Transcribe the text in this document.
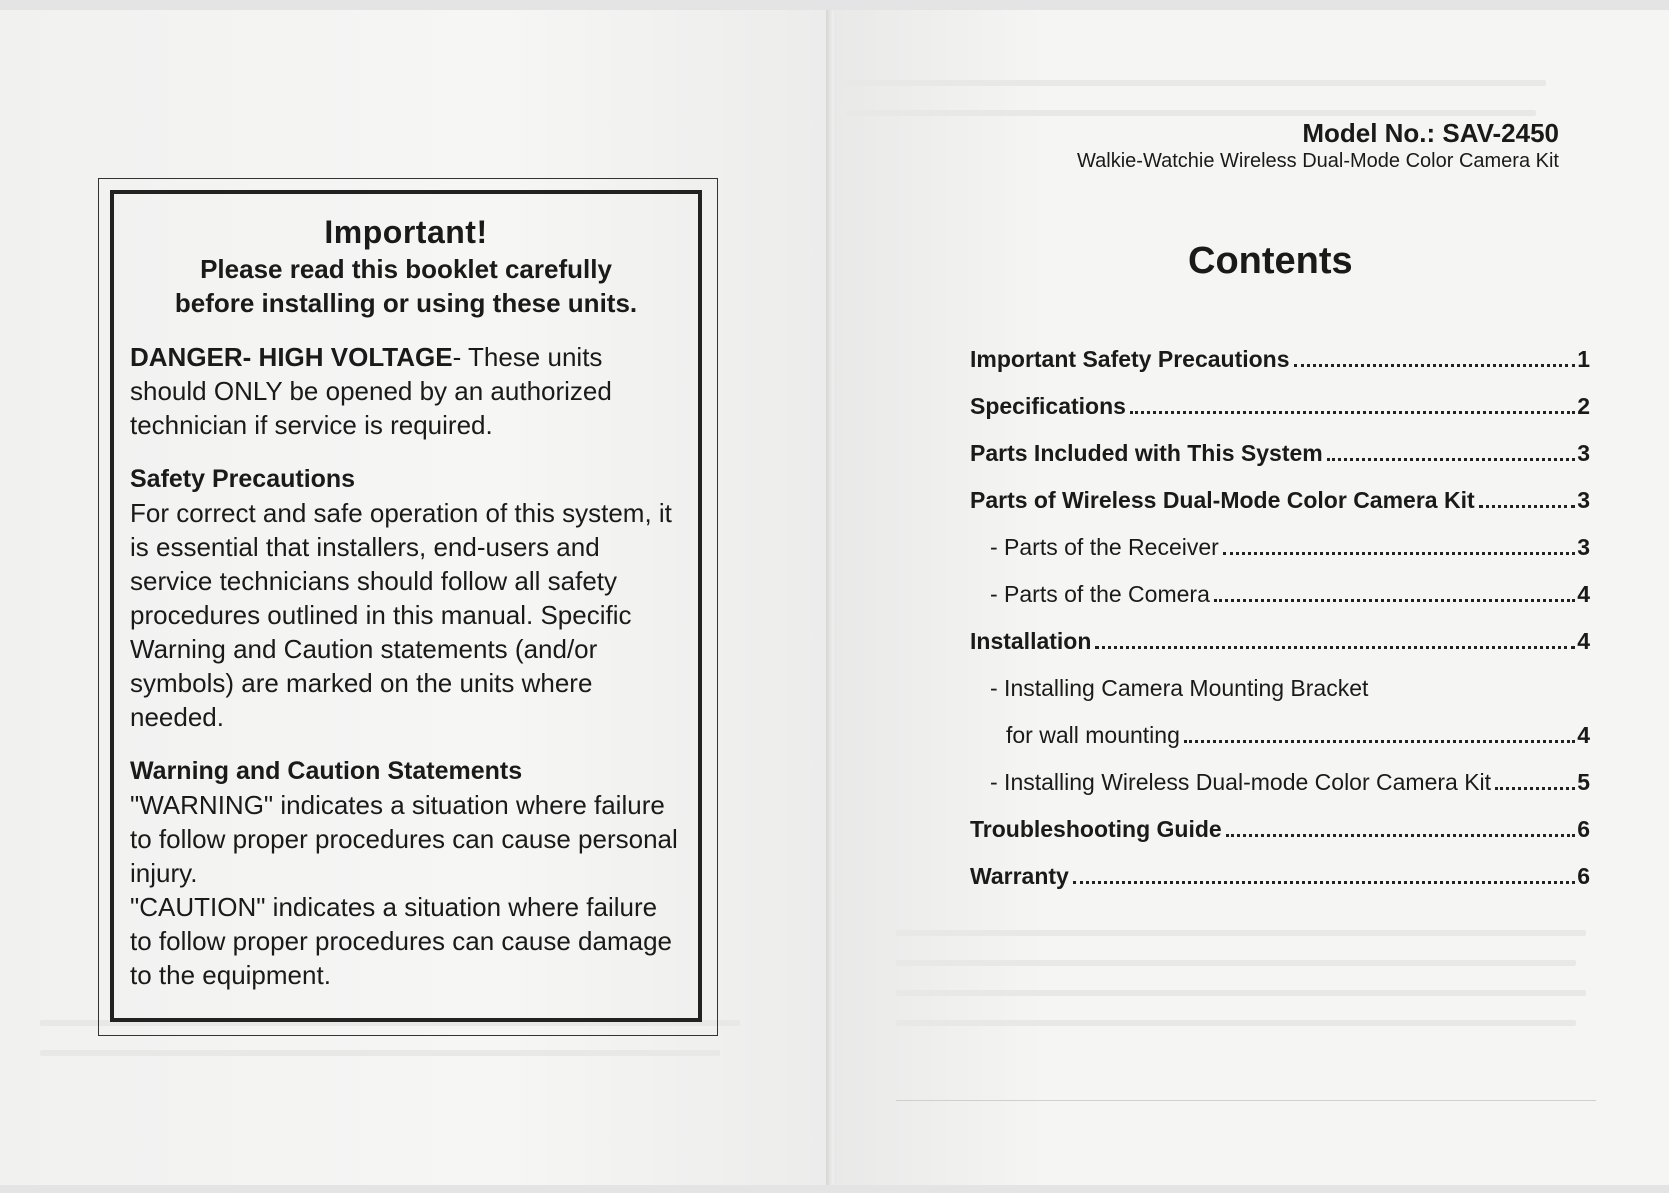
Important!

Please read this booklet carefully

before installing or using these units.

DANGER- HIGH VOLTAGE- These units should ONLY be opened by an authorized technician if service is required.

Safety Precautions

For correct and safe operation of this system, it is essential that installers, end-users and service technicians should follow all safety procedures outlined in this manual. Specific Warning and Caution statements (and/or symbols) are marked on the units where needed.

Warning and Caution Statements

"WARNING" indicates a situation where failure to follow proper procedures can cause personal injury.

"CAUTION" indicates a situation where failure to follow proper procedures can cause damage to the equipment.

Model No.: SAV-2450
Walkie-Watchie Wireless Dual-Mode Color Camera Kit
Contents
Important Safety Precautions	1
Specifications	2
Parts Included with This System	3
Parts of Wireless Dual-Mode Color Camera Kit	3
- Parts of the Receiver	3
- Parts of the Comera	4
Installation	4
- Installing Camera Mounting Bracket
for wall mounting	4
- Installing Wireless Dual-mode Color Camera Kit	5
Troubleshooting Guide	6
Warranty	6
